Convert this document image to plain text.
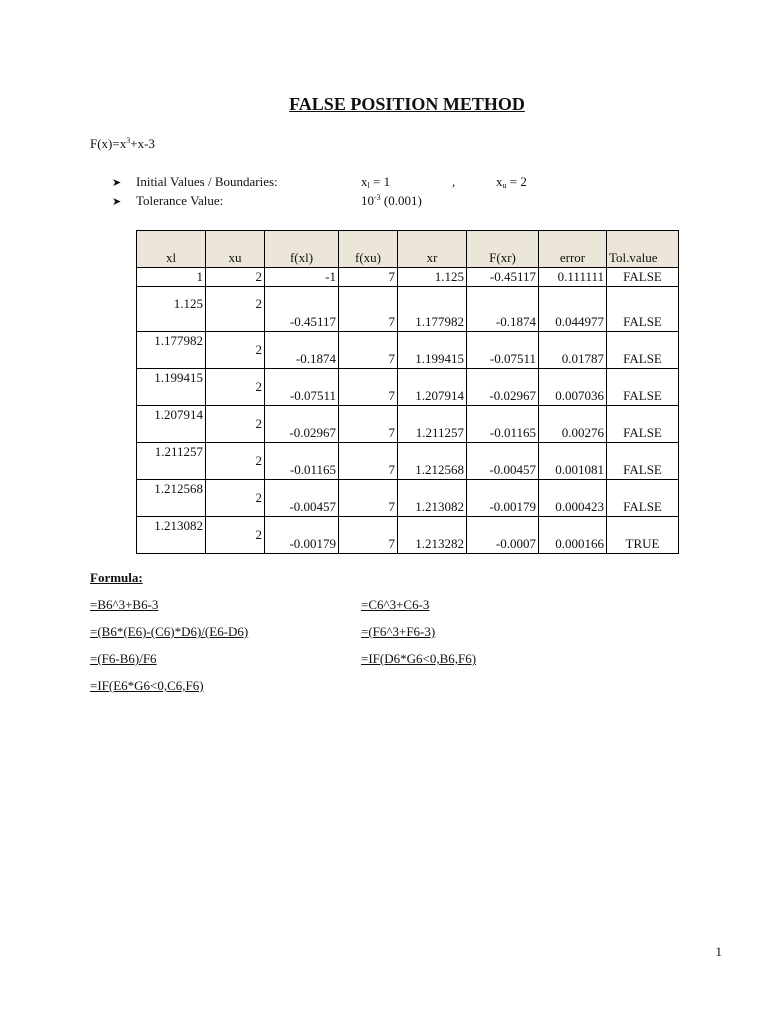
FALSE POSITION METHOD
$F(x)=x^3+x-3$
➤ Initial Values / Boundaries:	$x_l = 1$	,	$x_u = 2$
➤ Tolerance Value:	$10^{-3}$ (0.001)
xl	xu	f(xl)	f(xu)	xr	F(xr)	error	Tol.value
1	2	-1	7	1.125	-0.45117	0.111111	FALSE
1.125	2	-0.45117	7	1.177982	-0.1874	0.044977	FALSE
1.177982	2	-0.1874	7	1.199415	-0.07511	0.01787	FALSE
1.199415	2	-0.07511	7	1.207914	-0.02967	0.007036	FALSE
1.207914	2	-0.02967	7	1.211257	-0.01165	0.00276	FALSE
1.211257	2	-0.01165	7	1.212568	-0.00457	0.001081	FALSE
1.212568	2	-0.00457	7	1.213082	-0.00179	0.000423	FALSE
1.213082	2	-0.00179	7	1.213282	-0.0007	0.000166	TRUE
Formula:
=B6^3+B6-3
=(B6*(E6)-(C6)*D6)/(E6-D6)
=(F6-B6)/F6
=IF(E6*G6<0,C6,F6)
=C6^3+C6-3
=(F6^3+F6-3)
=IF(D6*G6<0,B6,F6)
1
